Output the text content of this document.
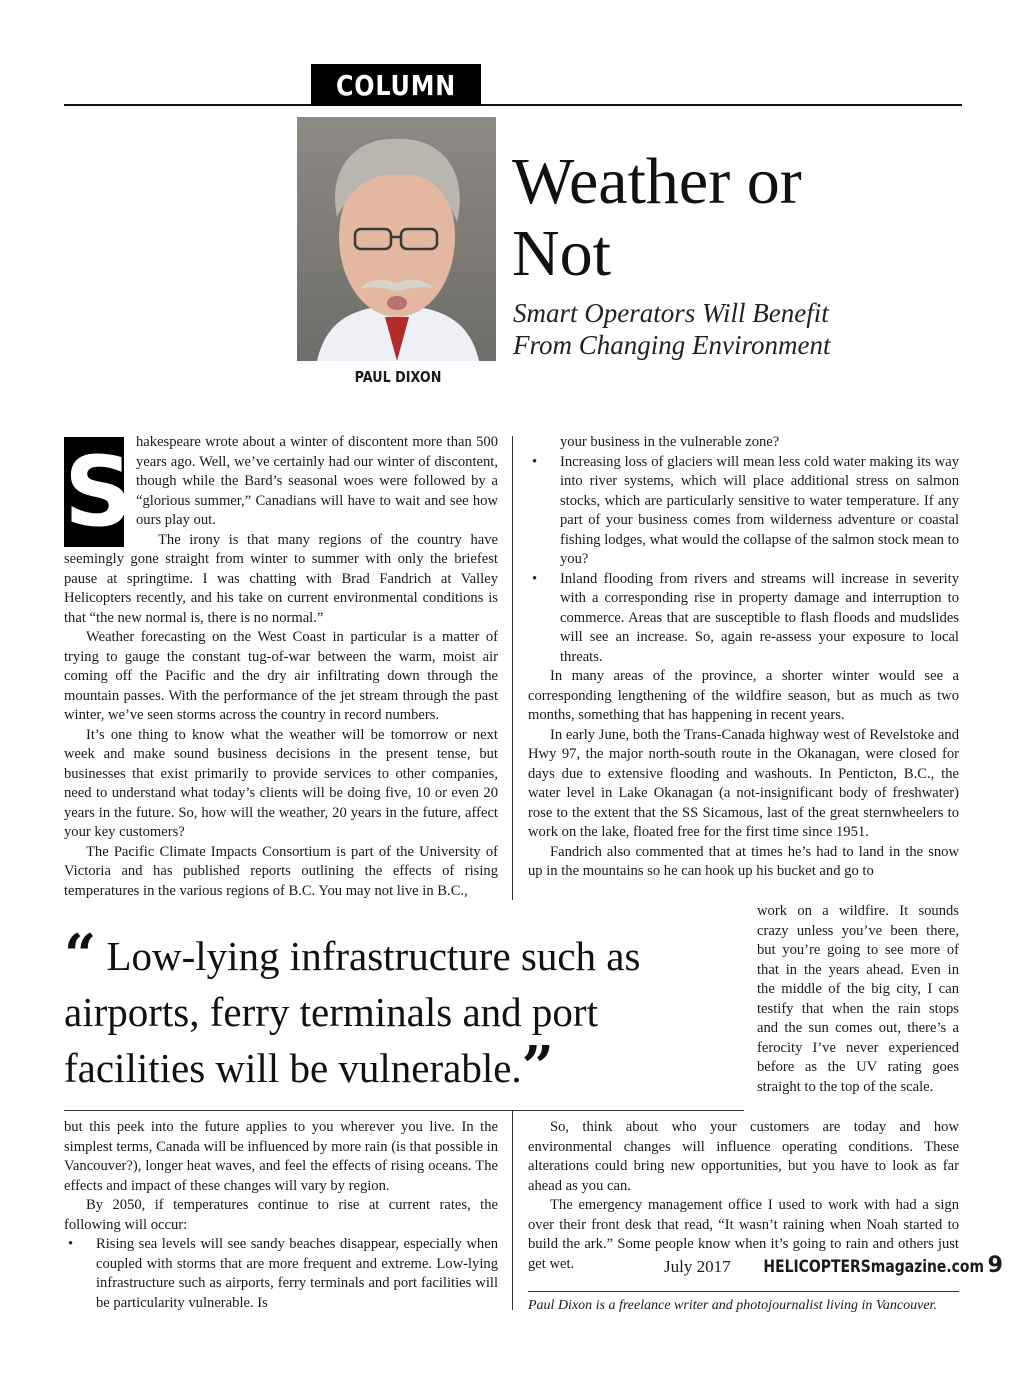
COLUMN
PAUL DIXON
Weather or
Not
Smart Operators Will Benefit
From Changing Environment
S hakespeare wrote about a winter of discontent more than 500 years ago. Well, we’ve certainly had our winter of discontent, though while the Bard’s seasonal woes were followed by a “glorious summer,” Canadians will have to wait and see how ours play out.

The irony is that many regions of the country have seemingly gone straight from winter to summer with only the briefest pause at springtime. I was chatting with Brad Fandrich at Valley Helicopters recently, and his take on current environmental conditions is that “the new normal is, there is no normal.”

Weather forecasting on the West Coast in particular is a matter of trying to gauge the constant tug-of-war between the warm, moist air coming off the Pacific and the dry air infiltrating down through the mountain passes. With the performance of the jet stream through the past winter, we’ve seen storms across the country in record numbers.

It’s one thing to know what the weather will be tomorrow or next week and make sound business decisions in the present tense, but businesses that exist primarily to provide services to other companies, need to understand what today’s clients will be doing five, 10 or even 20 years in the future. So, how will the weather, 20 years in the future, affect your key customers?

The Pacific Climate Impacts Consortium is part of the University of Victoria and has published reports outlining the effects of rising temperatures in the various regions of B.C. You may not live in B.C.,

your business in the vulnerable zone?

• Increasing loss of glaciers will mean less cold water making its way into river systems, which will place additional stress on salmon stocks, which are particularly sensitive to water temperature. If any part of your business comes from wilderness adventure or coastal fishing lodges, what would the collapse of the salmon stock mean to you?
• Inland flooding from rivers and streams will increase in severity with a corresponding rise in property damage and interruption to commerce. Areas that are susceptible to flash floods and mudslides will see an increase. So, again re-assess your exposure to local threats.

In many areas of the province, a shorter winter would see a corresponding lengthening of the wildfire season, but as much as two months, something that has happening in recent years.

In early June, both the Trans-Canada highway west of Revelstoke and Hwy 97, the major north-south route in the Okanagan, were closed for days due to extensive flooding and washouts. In Penticton, B.C., the water level in Lake Okanagan (a not-insignificant body of freshwater) rose to the extent that the SS Sicamous, last of the great sternwheelers to work on the lake, floated free for the first time since 1951.

Fandrich also commented that at times he’s had to land in the snow up in the mountains so he can hook up his bucket and go to

work on a wildfire. It sounds crazy unless you’ve been there, but you’re going to see more of that in the years ahead. Even in the middle of the big city, I can testify that when the rain stops and the sun comes out, there’s a ferocity I’ve never experienced before as the UV rating goes straight to the top of the scale.

“ Low-lying infrastructure such as airports, ferry terminals and port facilities will be vulnerable.”

but this peek into the future applies to you wherever you live. In the simplest terms, Canada will be influenced by more rain (is that possible in Vancouver?), longer heat waves, and feel the effects of rising oceans. The effects and impact of these changes will vary by region.

By 2050, if temperatures continue to rise at current rates, the following will occur:

• Rising sea levels will see sandy beaches disappear, especially when coupled with storms that are more frequent and extreme. Low-lying infrastructure such as airports, ferry terminals and port facilities will be particularity vulnerable. Is

So, think about who your customers are today and how environmental changes will influence operating conditions. These alterations could bring new opportunities, but you have to look as far ahead as you can.

The emergency management office I used to work with had a sign over their front desk that read, “It wasn’t raining when Noah started to build the ark.” Some people know when it’s going to rain and others just get wet.

Paul Dixon is a freelance writer and photojournalist living in Vancouver.
July 2017 HELICOPTERSmagazine.com 9
